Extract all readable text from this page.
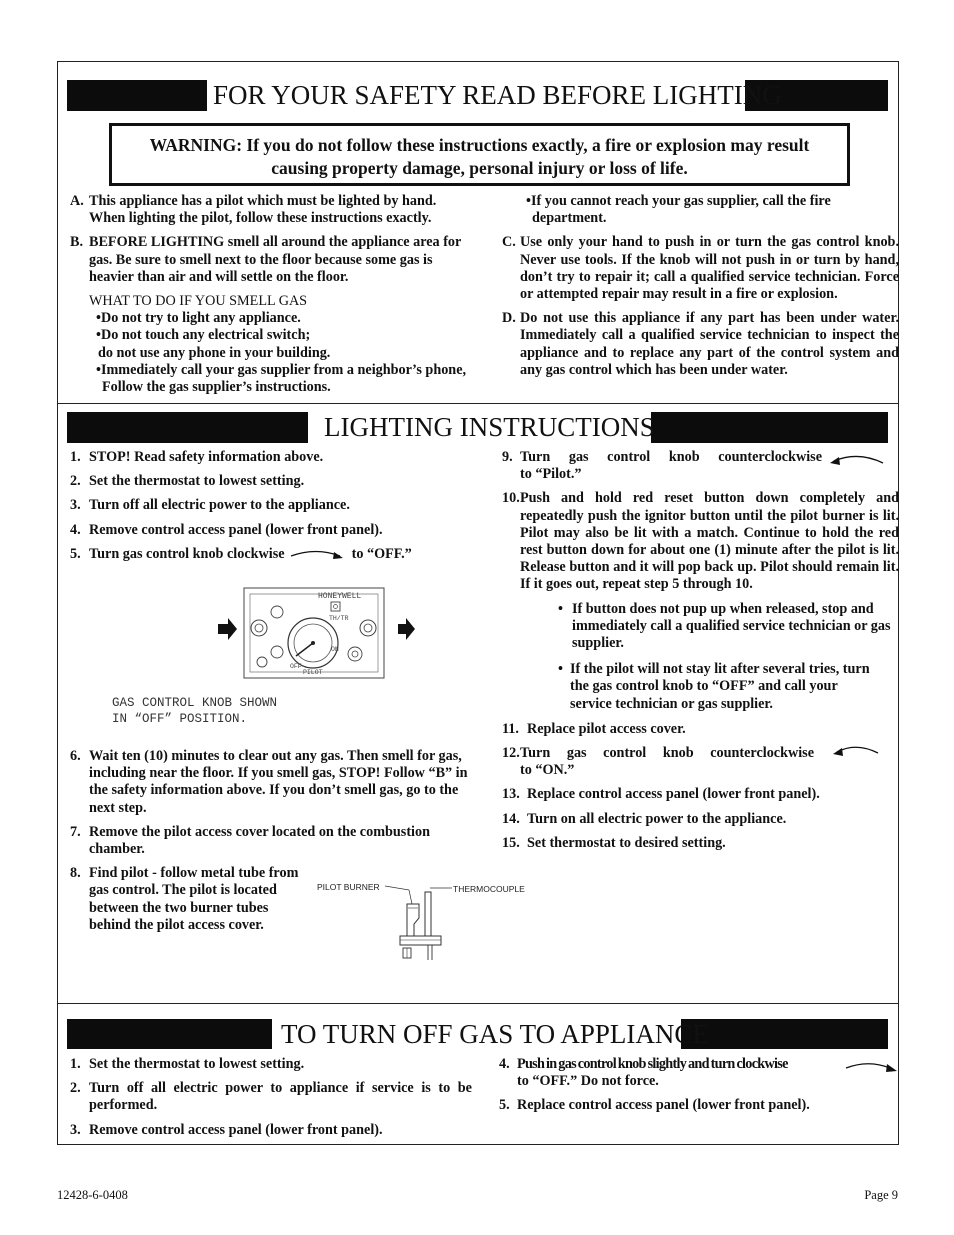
FOR YOUR SAFETY READ BEFORE LIGHTING
WARNING: If you do not follow these instructions exactly, a fire or explosion may result
causing property damage, personal injury or loss of life.
A. This appliance has a pilot which must be lighted by hand. When lighting the pilot, follow these instructions exactly.
B. BEFORE LIGHTING smell all around the appliance area for gas. Be sure to smell next to the floor because some gas is heavier than air and will settle on the floor.
WHAT TO DO IF YOU SMELL GAS
•Do not try to light any appliance.
•Do not touch any electrical switch;
do not use any phone in your building.
•Immediately call your gas supplier from a neighbor’s phone, Follow the gas supplier’s instructions.
•If you cannot reach your gas supplier, call the fire department.
C. Use only your hand to push in or turn the gas control knob. Never use tools. If the knob will not push in or turn by hand, don’t try to repair it; call a qualified service technician. Force or attempted repair may result in a fire or explosion.
D. Do not use this appliance if any part has been under water. Immediately call a qualified service technician to inspect the appliance and to replace any part of the control system and any gas control which has been under water.
LIGHTING INSTRUCTIONS
1. STOP! Read safety information above.
2. Set the thermostat to lowest setting.
3. Turn off all electric power to the appliance.
4. Remove control access panel (lower front panel).
5. Turn gas control knob clockwise	to “OFF.”
HONEYWELL
TH/TR
OFF
ON
PILOT
GAS CONTROL KNOB SHOWN
IN “OFF” POSITION.
6. Wait ten (10) minutes to clear out any gas. Then smell for gas, including near the floor. If you smell gas, STOP! Follow “B” in the safety information above. If you don’t smell gas, go to the next step.
7. Remove the pilot access cover located on the combustion chamber.
8. Find pilot - follow metal tube from gas control. The pilot is located between the two burner tubes behind the pilot access cover.
PILOT BURNER	THERMOCOUPLE
9. Turn gas control knob counterclockwise
to “Pilot.”
10. Push and hold red reset button down completely and repeatedly push the ignitor button until the pilot burner is lit. Pilot may also be lit with a match. Continue to hold the red rest button down for about one (1) minute after the pilot is lit. Release button and it will pop back up. Pilot should remain lit. If it goes out, repeat step 5 through 10.
• If button does not pup up when released, stop and immediately call a qualified service technician or gas supplier.
• If the pilot will not stay lit after several tries, turn the gas control knob to “OFF” and call your service technician or gas supplier.
11. Replace pilot access cover.
12. Turn gas control knob counterclockwise
to “ON.”
13. Replace control access panel (lower front panel).
14. Turn on all electric power to the appliance.
15. Set thermostat to desired setting.
TO TURN OFF GAS TO APPLIANCE
1. Set the thermostat to lowest setting.
2. Turn off all electric power to appliance if service is to be performed.
3. Remove control access panel (lower front panel).
4. Push in gas control knob slightly and turn clockwise
to “OFF.” Do not force.
5. Replace control access panel (lower front panel).
12428-6-0408	Page 9
